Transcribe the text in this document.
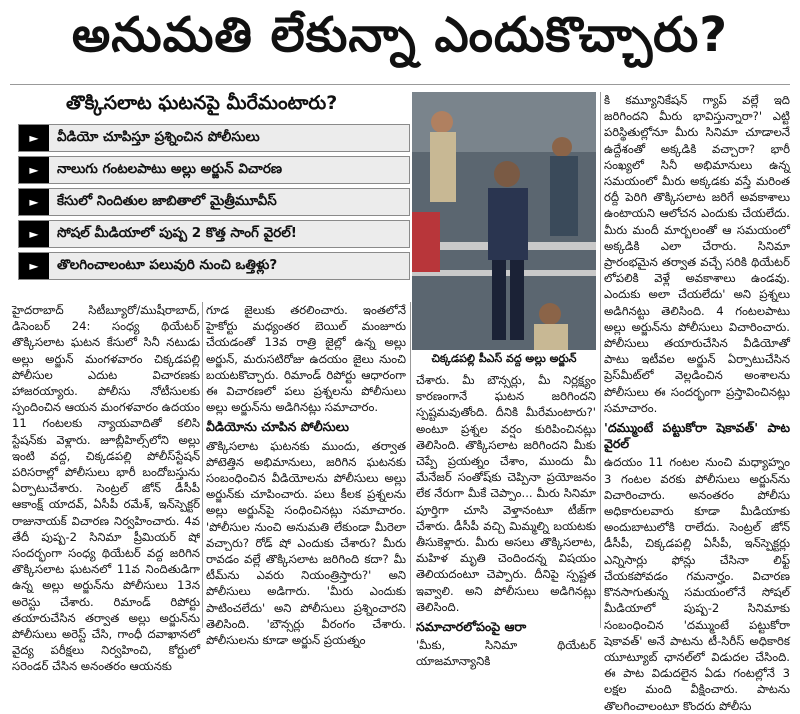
అనుమతి లేకున్నా ఎందుకొచ్చారు?
తొక్కిసలాట ఘటనపై మీరేమంటారు?
►	వీడియో చూపిస్తూ ప్రశ్నించిన పోలీసులు
►	నాలుగు గంటలపాటు అల్లు అర్జున్ విచారణ
►	కేసులో నిందితుల జాబితాలో మైత్రీమూవీస్
►	సోషల్ మీడియాలో పుష్ప 2 కొత్త సాంగ్ వైరల్!
►	తొలగించాలంటూ పలువురి నుంచి ఒత్తిళ్లు?
చిక్కడపల్లి పీఎస్ వద్ద అల్లు అర్జున్

హైదరాబాద్ సిటీబ్యూరో/ముషీరాబాద్, డిసెంబర్ 24: సంధ్య థియేటర్ తొక్కిసలాట ఘటన కేసులో సినీ నటుడు అల్లు అర్జున్ మంగళవారం చిక్కడపల్లి పోలీసుల ఎదుట విచారణకు హాజరయ్యారు. పోలీసు నోటీసులకు స్పందించిన ఆయన మంగళవారం ఉదయం 11 గంటలకు న్యాయవాదితో కలిసి స్టేషన్‌కు వెళ్లారు. జూబ్లీహిల్స్‌లోని అల్లు ఇంటి వద్ద, చిక్కడపల్లి పోలీస్‌స్టేషన్ పరిసరాల్లో పోలీసులు భారీ బందోబస్తును ఏర్పాటుచేశారు. సెంట్రల్ జోన్ డీసీపీ ఆకాంక్ష్ యాదవ్, ఏసీపీ రమేశ్, ఇన్‌స్పెక్టర్ రాజునాయక్ విచారణ నిర్వహించారు. 4వ తేదీ పుష్ప-2 సినిమా ప్రీమియర్ షో సందర్భంగా సంధ్య థియేటర్ వద్ద జరిగిన తొక్కిసలాట ఘటనలో 11వ నిందితుడిగా ఉన్న అల్లు అర్జున్‌ను పోలీసులు 13న అరెస్టు చేశారు. రిమాండ్ రిపోర్టు తయారుచేసిన తర్వాత అల్లు అర్జున్‌ను పోలీసులు అరెస్ట్ చేసి, గాంధీ దవాఖానలో వైద్య పరీక్షలు నిర్వహించి, కోర్టులో సరెండర్ చేసిన అనంతరం ఆయనకు

గూడ జైలుకు తరలించారు. ఇంతలోనే హైకోర్టు మధ్యంతర బెయిల్ మంజూరు చేయడంతో 13వ రాత్రి జైల్లో ఉన్న అల్లు అర్జున్, మరుసటిరోజు ఉదయం జైలు నుంచి బయటకొచ్చారు. రిమాండ్ రిపోర్టు ఆధారంగా ఈ విచారణలో పలు ప్రశ్నలను పోలీసులు అల్లు అర్జున్‌ను అడిగినట్లు సమాచారం.

వీడియోను చూపిన పోలీసులు

తొక్కిసలాట ఘటనకు ముందు, తర్వాత పోటెత్తిన అభిమానులు, జరిగిన ఘటనకు సంబంధించిన వీడియోలను పోలీసులు అల్లు అర్జున్‌కు చూపించారు. పలు కీలక ప్రశ్నలను అల్లు అర్జున్‌పై సంధించినట్లు సమాచారం. 'పోలీసుల నుంచి అనుమతి లేకుండా మీరెలా వచ్చారు? రోడ్ షో ఎందుకు చేశారు? మీరు రావడం వల్లే తొక్కిసలాట జరిగింది కదా? మీ టీమ్‌ను ఎవరు నియంత్రిస్తారు?' అని పోలీసులు అడిగారు. 'మీరు ఎందుకు పాటించలేదు' అని పోలీసులు ప్రశ్నించారని తెలిసింది. 'బౌన్సర్లు వీరంగం చేశారు. పోలీసులను కూడా అర్జున్ ప్రయత్నం

చేశారు. మీ బౌన్సర్లు, మీ నిర్లక్ష్యం కారణంగానే ఘటన జరిగిందని స్పష్టమవుతోంది. దీనికి మీరేమంటారు?' అంటూ ప్రశ్నల వర్షం కురిపించినట్లు తెలిసింది. తొక్కిసలాట జరిగిందని మీకు చెప్పే ప్రయత్నం చేశాం, ముందు మీ మేనేజర్ సంతోష్‌కు చెప్పినా ప్రయోజనం లేక నేరుగా మీకే చెప్పాం... మీరు సినిమా పూర్తిగా చూసి వెళ్తానంటూ టీజ్‌గా చేశారు. డీసీపీ వచ్చి మిమ్మల్ని బయటకు తీసుకెళ్లారు. మీరు అసలు తొక్కిసలాట, మహిళ మృతి చెందిందన్న విషయం తెలియదంటూ చెప్పారు. దీనిపై స్పష్టత ఇవ్వాలి. అని పోలీసులు అడిగినట్లు తెలిసింది.

సమాచారలోపంపై ఆరా

'మీకు, సినిమా థియేటర్ యాజమాన్యానికి

కి కమ్యూనికేషన్ గ్యాప్ వల్లే ఇది జరిగిందని మీరు భావిస్తున్నారా?' ఎట్టి పరిస్థితుల్లోనూ మీరు సినిమా చూడాలనే ఉద్దేశంతో అక్కడికి వచ్చారా? భారీ సంఖ్యలో సినీ అభిమానులు ఉన్న సమయంలో మీరు అక్కడకు వస్తే మరింత రద్దీ పెరిగి తొక్కిసలాట జరిగే అవకాశాలు ఉంటాయని ఆలోచన ఎందుకు చేయలేదు. మీరు మందీ మార్బలంతో ఆ సమయంలో అక్కడికి ఎలా చేరారు. సినిమా ప్రారంభమైన తర్వాత వచ్చే సరికి థియేటర్ లోపలికి వెళ్లే అవకాశాలు ఉండవు. ఎందుకు అలా చేయలేదు' అని ప్రశ్నలు అడిగినట్టు తెలిసింది. 4 గంటలపాటు అల్లు అర్జున్‌ను పోలీసులు విచారించారు. పోలీసులు తయారుచేసిన వీడియోతో పాటు ఇటీవల అర్జున్ ఏర్పాటుచేసిన ప్రెస్‌మీట్‌లో వెల్లడించిన అంశాలను పోలీసులు ఈ సందర్భంగా ప్రస్తావించినట్లు సమాచారం.

'దమ్ముంటే పట్టుకోరా షెకావత్' పాట వైరల్

ఉదయం 11 గంటల నుంచి మధ్యాహ్నం 3 గంటల వరకు పోలీసులు అర్జున్‌ను విచారించారు. అనంతరం పోలీసు అధికారులవారు కూడా మీడియాకు అందుబాటులోకి రాలేదు. సెంట్రల్ జోన్ డీసీపీ, చిక్కడపల్లి ఏసీపీ, ఇన్‌స్పెక్టర్లు ఎన్నిసార్లు ఫోన్లు చేసినా లిఫ్ట్ చేయకపోవడం గమనార్హం. విచారణ కొనసాగుతున్న సమయంలోనే సోషల్ మీడియాలో పుష్ప-2 సినిమాకు సంబంధించిన 'దమ్ముంటే పట్టుకోరా షెకావత్' అనే పాటను టీ-సిరీస్ అధికారిక యూట్యూబ్ ఛానల్‌లో విడుదల చేసింది. ఈ పాట విడుదలైన ఏడు గంటల్లోనే 3 లక్షల మంది వీక్షించారు. పాటను తొలగించాలంటూ కొందరు పోలీసు
